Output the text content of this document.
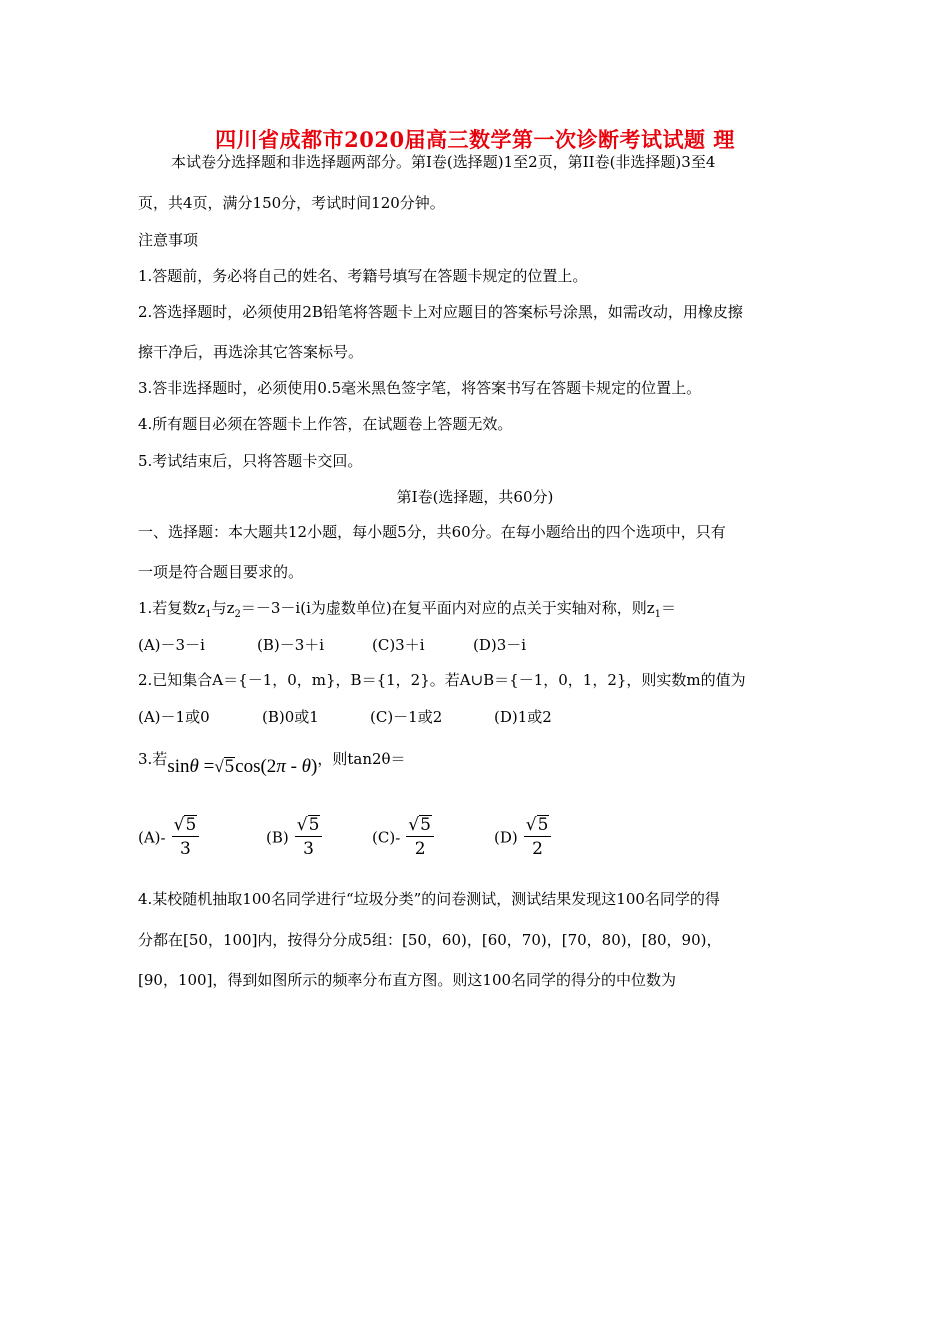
四川省成都市2020届高三数学第一次诊断考试试题 理
本试卷分选择题和非选择题两部分。第I卷(选择题)1至2页，第II卷(非选择题)3至4
页，共4页，满分150分，考试时间120分钟。
注意事项
1.答题前，务必将自己的姓名、考籍号填写在答题卡规定的位置上。
2.答选择题时，必须使用2B铅笔将答题卡上对应题目的答案标号涂黑，如需改动，用橡皮擦
擦干净后，再选涂其它答案标号。
3.答非选择题时，必须使用0.5毫米黑色签字笔，将答案书写在答题卡规定的位置上。
4.所有题目必须在答题卡上作答，在试题卷上答题无效。
5.考试结束后，只将答题卡交回。
第I卷(选择题，共60分)
一、选择题：本大题共12小题，每小题5分，共60分。在每小题给出的四个选项中，只有
一项是符合题目要求的。
1.若复数$z_1$与$z_2=-3-i(i$为虚数单位)在复平面内对应的点关于实轴对称，则$z_1=$
(A)－3－i	(B)－3＋i	(C)3＋i	(D)3－i
2.已知集合A＝{－1，0，m}，B＝{1，2}。若A∪B＝{－1，0，1，2}，则实数m的值为
(A)－1或0	(B)0或1	(C)－1或2	(D)1或2
3.若sinθ = √ 5 cos(2π - θ)，则tan2θ＝
$(A)- \frac{√ 5}{3}$	$(B) \frac{√ 5}{3}$	$(C)- \frac{√ 5}{2}$	$(D) \frac{√ 5}{2}$
4.某校随机抽取100名同学进行“垃圾分类”的问卷测试，测试结果发现这100名同学的得
分都在[50，100]内，按得分分成5组：[50，60)，[60，70)，[70，80)，[80，90)，
[90，100]，得到如图所示的频率分布直方图。则这100名同学的得分的中位数为
